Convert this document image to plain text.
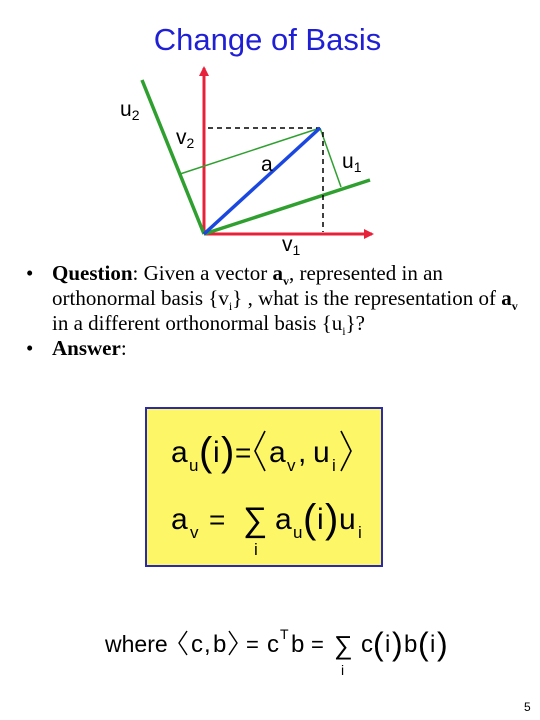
Change of Basis
u2
v2
a	u1
v1
• Question: Given a vector $a_v$, represented in an orthonormal basis $\{v_i\}$ , what is the representation of $a_v$ in a different orthonormal basis $\{u_i\}$?
• Answer:
a u ( i ) = a v , u i
a v = ∑
i
a u ( i ) u i
where c , b = c T b = ∑
i
c ( i ) b ( i )
5
